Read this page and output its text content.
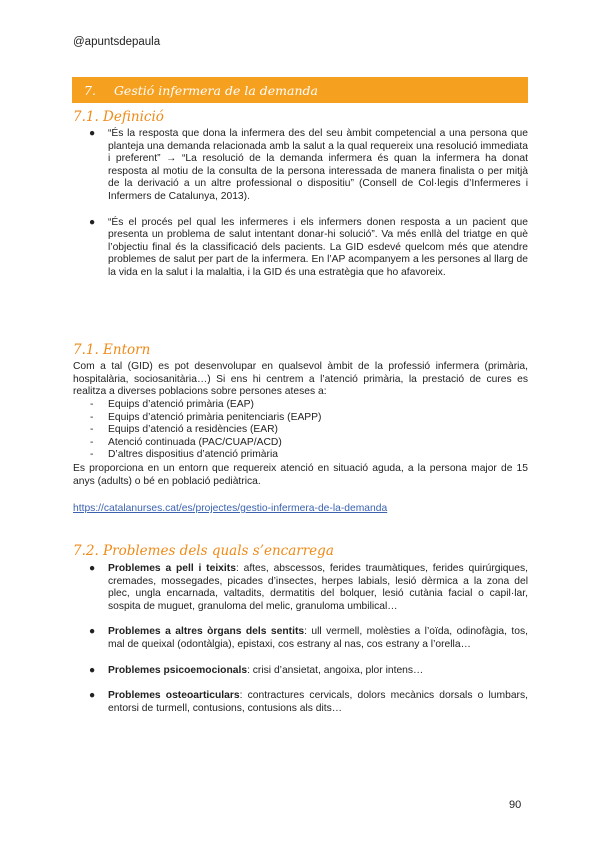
@apuntsdepaula
7. Gestió infermera de la demanda
7.1. Definició
● “És la resposta que dona la infermera des del seu àmbit competencial a una persona que planteja una demanda relacionada amb la salut a la qual requereix una resolució immediata i preferent” → “La resolució de la demanda infermera és quan la infermera ha donat resposta al motiu de la consulta de la persona interessada de manera finalista o per mitjà de la derivació a un altre professional o dispositiu” (Consell de Col·legis d’Infermeres i Infermers de Catalunya, 2013).
● “És el procés pel qual les infermeres i els infermers donen resposta a un pacient que presenta un problema de salut intentant donar-hi solució”. Va més enllà del triatge en què l’objectiu final és la classificació dels pacients. La GID esdevé quelcom més que atendre problemes de salut per part de la infermera. En l’AP acompanyem a les persones al llarg de la vida en la salut i la malaltia, i la GID és una estratègia que ho afavoreix.
7.1. Entorn

Com a tal (GID) es pot desenvolupar en qualsevol àmbit de la professió infermera (primària, hospitalària, sociosanitària…) Si ens hi centrem a l’atenció primària, la prestació de cures es realitza a diverses poblacions sobre persones ateses a:

- Equips d’atenció primària (EAP)
- Equips d’atenció primària penitenciaris (EAPP)
- Equips d’atenció a residències (EAR)
- Atenció continuada (PAC/CUAP/ACD)
- D’altres dispositius d’atenció primària

Es proporciona en un entorn que requereix atenció en situació aguda, a la persona major de 15 anys (adults) o bé en població pediàtrica.

https://catalanurses.cat/es/projectes/gestio-infermera-de-la-demanda
7.2. Problemes dels quals s’encarrega
● Problemes a pell i teixits: aftes, abscessos, ferides traumàtiques, ferides quirúrgiques, cremades, mossegades, picades d’insectes, herpes labials, lesió dèrmica a la zona del plec, ungla encarnada, valtadits, dermatitis del bolquer, lesió cutània facial o capil·lar, sospita de muguet, granuloma del melic, granuloma umbilical…
● Problemes a altres òrgans dels sentits: ull vermell, molèsties a l’oïda, odinofàgia, tos, mal de queixal (odontàlgia), epistaxi, cos estrany al nas, cos estrany a l’orella…
● Problemes psicoemocionals: crisi d’ansietat, angoixa, plor intens…
● Problemes osteoarticulars: contractures cervicals, dolors mecànics dorsals o lumbars, entorsi de turmell, contusions, contusions als dits…
90
